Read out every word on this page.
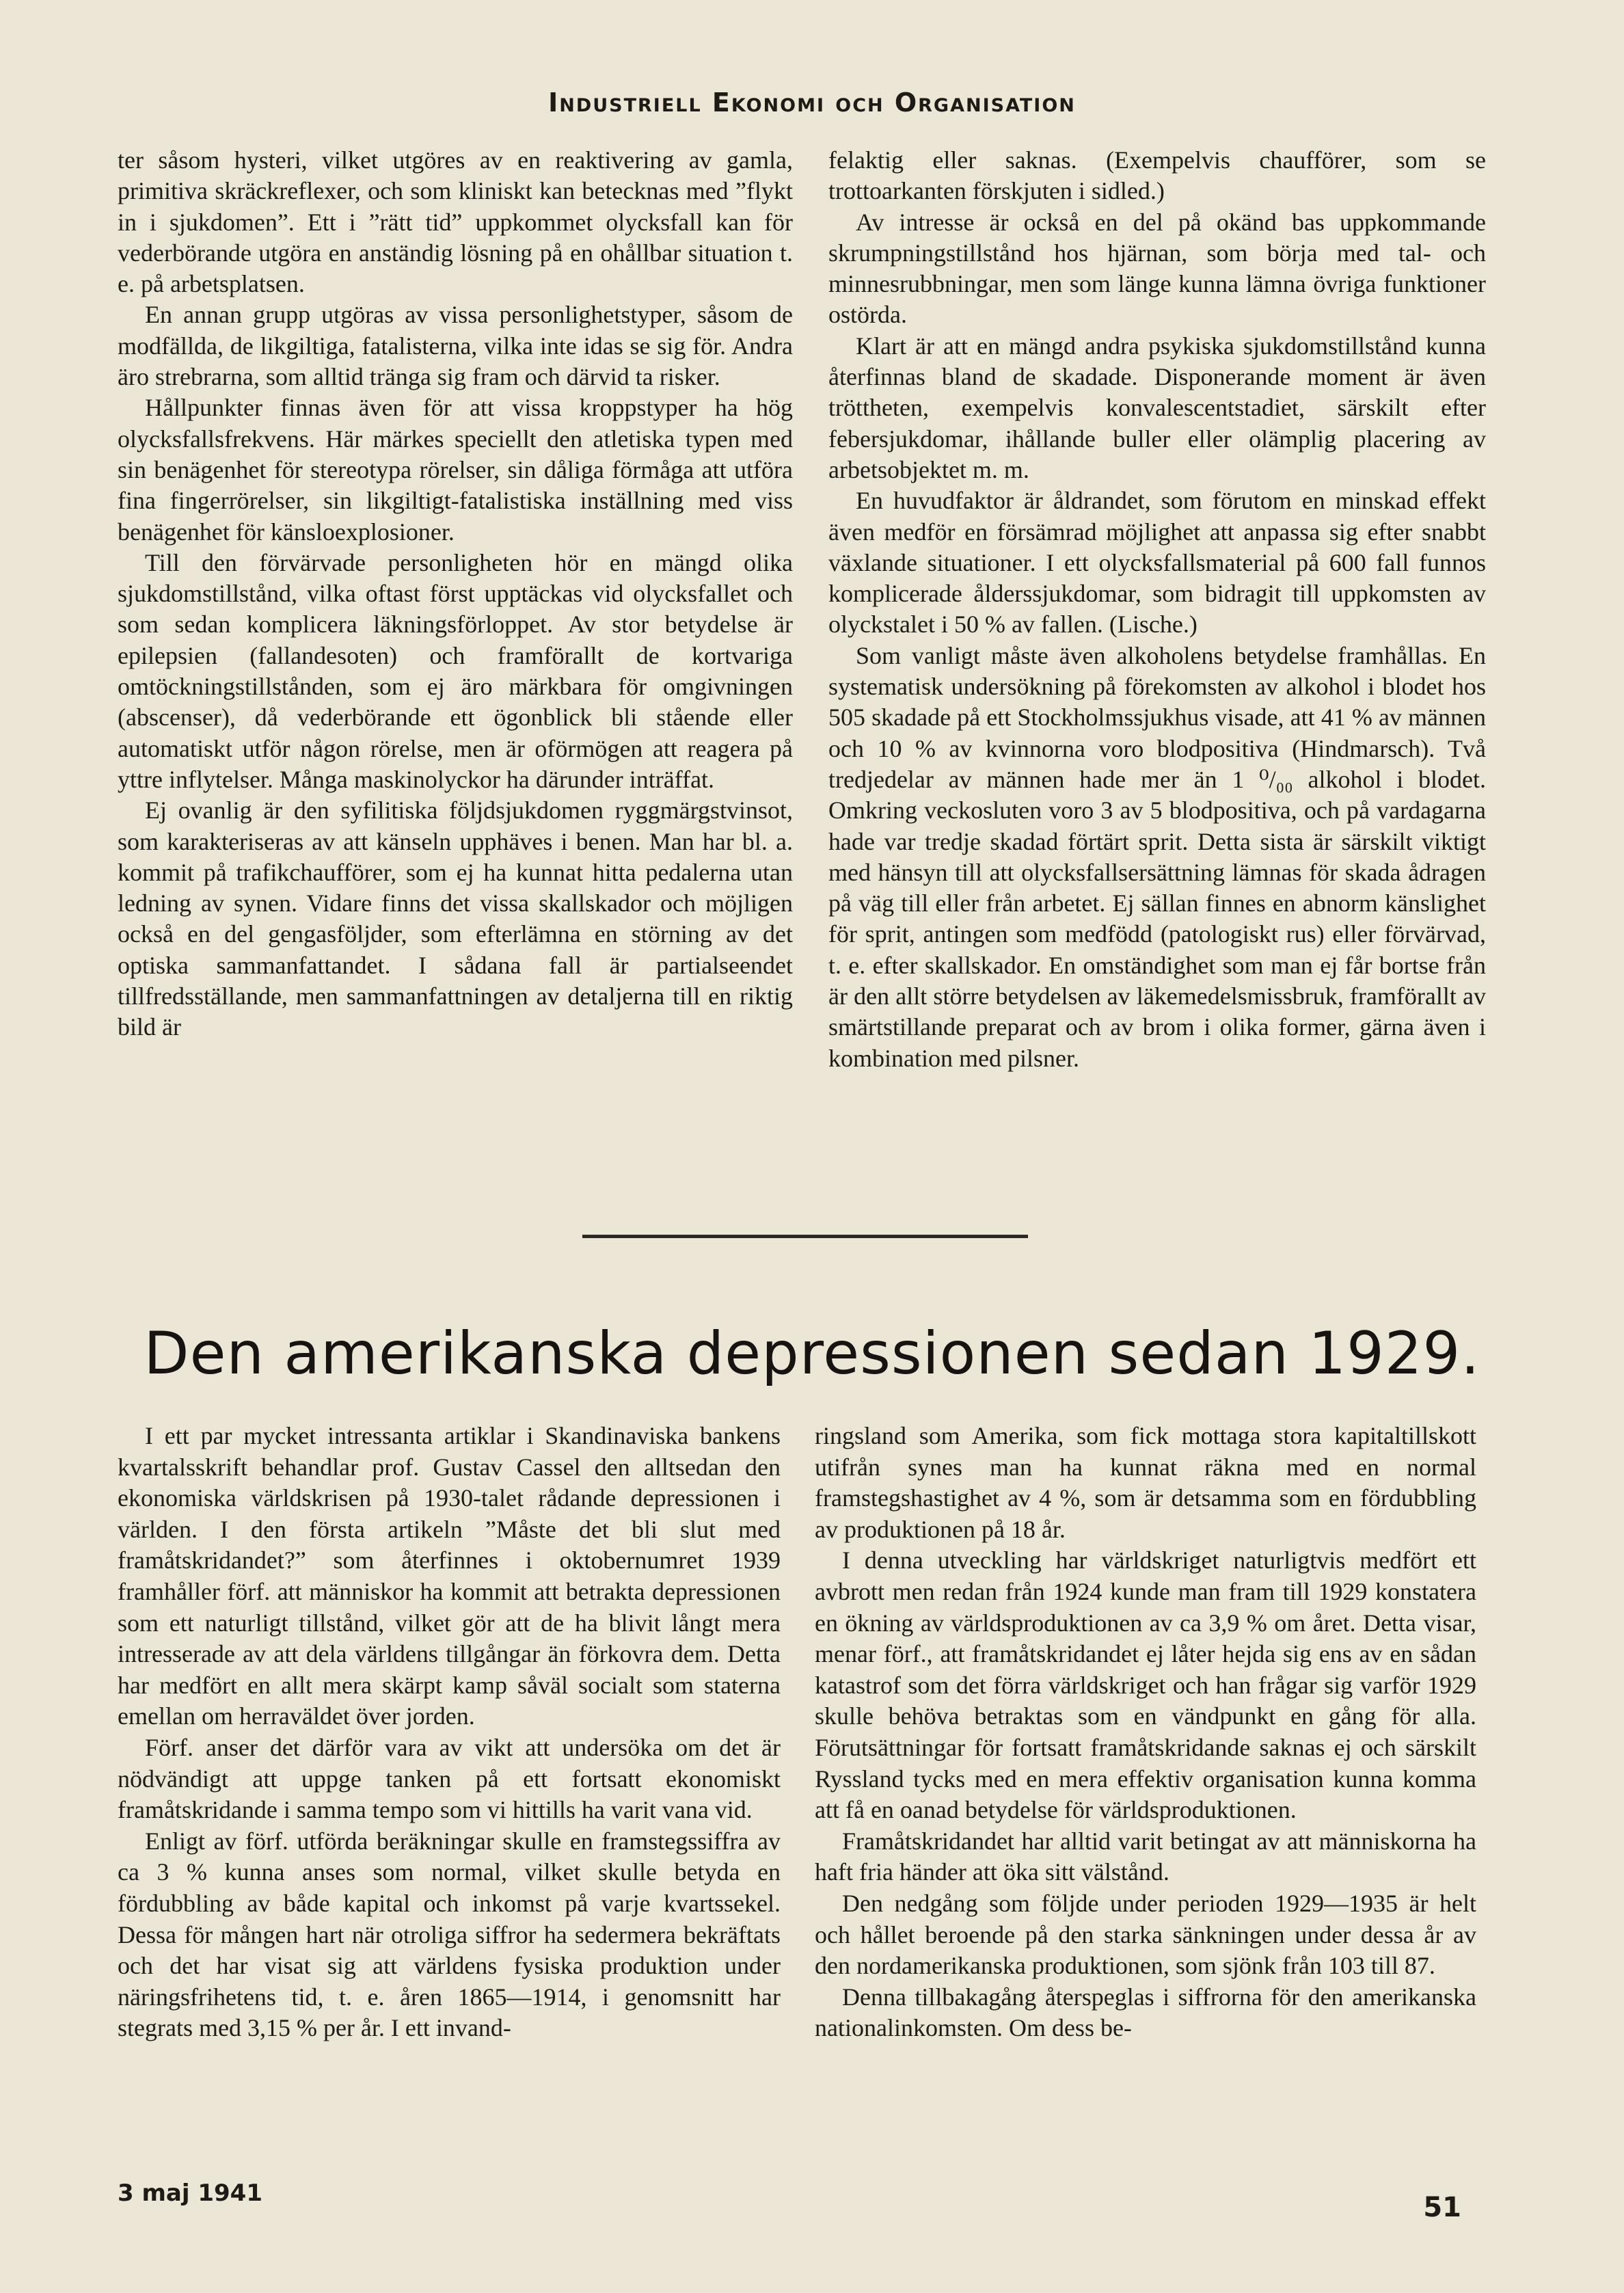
Industriell Ekonomi och Organisation

ter såsom hysteri, vilket utgöres av en reaktivering av gamla, primitiva skräckreflexer, och som kliniskt kan betecknas med ”flykt in i sjukdomen”. Ett i ”rätt tid” uppkommet olycksfall kan för vederbörande utgöra en anständig lösning på en ohållbar situation t. e. på arbetsplatsen.

En annan grupp utgöras av vissa personlighetstyper, såsom de modfällda, de likgiltiga, fatalisterna, vilka inte idas se sig för. Andra äro strebrarna, som alltid tränga sig fram och därvid ta risker.

Hållpunkter finnas även för att vissa kroppstyper ha hög olycksfallsfrekvens. Här märkes speciellt den atletiska typen med sin benägenhet för stereotypa rörelser, sin dåliga förmåga att utföra fina fingerrörelser, sin likgiltigt-fatalistiska inställning med viss benägenhet för känsloexplosioner.

Till den förvärvade personligheten hör en mängd olika sjukdomstillstånd, vilka oftast först upptäckas vid olycksfallet och som sedan komplicera läkningsförloppet. Av stor betydelse är epilepsien (fallandesoten) och framförallt de kortvariga omtöckningstillstånden, som ej äro märkbara för omgivningen (abscenser), då vederbörande ett ögonblick bli stående eller automatiskt utför någon rörelse, men är oförmögen att reagera på yttre inflytelser. Många maskinolyckor ha därunder inträffat.

Ej ovanlig är den syfilitiska följdsjukdomen ryggmärgstvinsot, som karakteriseras av att känseln upphäves i benen. Man har bl. a. kommit på trafikchaufförer, som ej ha kunnat hitta pedalerna utan ledning av synen. Vidare finns det vissa skallskador och möjligen också en del gengasföljder, som efterlämna en störning av det optiska sammanfattandet. I sådana fall är partialseendet tillfredsställande, men sammanfattningen av detaljerna till en riktig bild är

felaktig eller saknas. (Exempelvis chaufförer, som se trottoarkanten förskjuten i sidled.)

Av intresse är också en del på okänd bas uppkommande skrumpningstillstånd hos hjärnan, som börja med tal- och minnesrubbningar, men som länge kunna lämna övriga funktioner ostörda.

Klart är att en mängd andra psykiska sjukdomstillstånd kunna återfinnas bland de skadade. Disponerande moment är även tröttheten, exempelvis konvalescentstadiet, särskilt efter febersjukdomar, ihållande buller eller olämplig placering av arbetsobjektet m. m.

En huvudfaktor är åldrandet, som förutom en minskad effekt även medför en försämrad möjlighet att anpassa sig efter snabbt växlande situationer. I ett olycksfallsmaterial på 600 fall funnos komplicerade ålderssjukdomar, som bidragit till uppkomsten av olyckstalet i 50 % av fallen. (Lische.)

Som vanligt måste även alkoholens betydelse framhållas. En systematisk undersökning på förekomsten av alkohol i blodet hos 505 skadade på ett Stockholmssjukhus visade, att 41 % av männen och 10 % av kvinnorna voro blodpositiva (Hindmarsch). Två tredjedelar av männen hade mer än 1 ⁰/₀₀ alkohol i blodet. Omkring veckosluten voro 3 av 5 blodpositiva, och på vardagarna hade var tredje skadad förtärt sprit. Detta sista är särskilt viktigt med hänsyn till att olycksfallsersättning lämnas för skada ådragen på väg till eller från arbetet. Ej sällan finnes en abnorm känslighet för sprit, antingen som medfödd (patologiskt rus) eller förvärvad, t. e. efter skallskador. En omständighet som man ej får bortse från är den allt större betydelsen av läkemedelsmissbruk, framförallt av smärtstillande preparat och av brom i olika former, gärna även i kombination med pilsner.

Den amerikanska depressionen sedan 1929.

I ett par mycket intressanta artiklar i Skandinaviska bankens kvartalsskrift behandlar prof. Gustav Cassel den alltsedan den ekonomiska världskrisen på 1930-talet rådande depressionen i världen. I den första artikeln ”Måste det bli slut med framåtskridandet?” som återfinnes i oktobernumret 1939 framhåller förf. att människor ha kommit att betrakta depressionen som ett naturligt tillstånd, vilket gör att de ha blivit långt mera intresserade av att dela världens tillgångar än förkovra dem. Detta har medfört en allt mera skärpt kamp såväl socialt som staterna emellan om herraväldet över jorden.

Förf. anser det därför vara av vikt att undersöka om det är nödvändigt att uppge tanken på ett fortsatt ekonomiskt framåtskridande i samma tempo som vi hittills ha varit vana vid.

Enligt av förf. utförda beräkningar skulle en framstegssiffra av ca 3 % kunna anses som normal, vilket skulle betyda en fördubbling av både kapital och inkomst på varje kvartssekel. Dessa för mången hart när otroliga siffror ha sedermera bekräftats och det har visat sig att världens fysiska produktion under näringsfrihetens tid, t. e. åren 1865—1914, i genomsnitt har stegrats med 3,15 % per år. I ett invand-

ringsland som Amerika, som fick mottaga stora kapitaltillskott utifrån synes man ha kunnat räkna med en normal framstegshastighet av 4 %, som är detsamma som en fördubbling av produktionen på 18 år.

I denna utveckling har världskriget naturligtvis medfört ett avbrott men redan från 1924 kunde man fram till 1929 konstatera en ökning av världsproduktionen av ca 3,9 % om året. Detta visar, menar förf., att framåtskridandet ej låter hejda sig ens av en sådan katastrof som det förra världskriget och han frågar sig varför 1929 skulle behöva betraktas som en vändpunkt en gång för alla. Förutsättningar för fortsatt framåtskridande saknas ej och särskilt Ryssland tycks med en mera effektiv organisation kunna komma att få en oanad betydelse för världsproduktionen.

Framåtskridandet har alltid varit betingat av att människorna ha haft fria händer att öka sitt välstånd.

Den nedgång som följde under perioden 1929—1935 är helt och hållet beroende på den starka sänkningen under dessa år av den nordamerikanska produktionen, som sjönk från 103 till 87.

Denna tillbakagång återspeglas i siffrorna för den amerikanska nationalinkomsten. Om dess be-

3 maj 1941	51
